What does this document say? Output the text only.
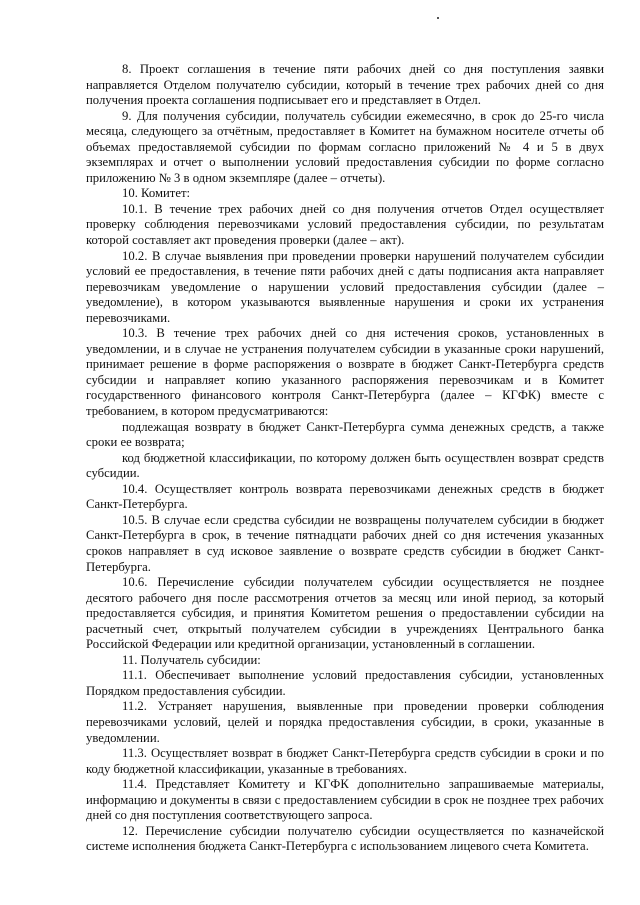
8. Проект соглашения в течение пяти рабочих дней со дня поступления заявки направляется Отделом получателю субсидии, который в течение трех рабочих дней со дня получения проекта соглашения подписывает его и представляет в Отдел.

9. Для получения субсидии, получатель субсидии ежемесячно, в срок до 25-го числа месяца, следующего за отчётным, предоставляет в Комитет на бумажном носителе отчеты об объемах предоставляемой субсидии по формам согласно приложений № 4 и 5 в двух экземплярах и отчет о выполнении условий предоставления субсидии по форме согласно приложению № 3 в одном экземпляре (далее – отчеты).

10. Комитет:

10.1. В течение трех рабочих дней со дня получения отчетов Отдел осуществляет проверку соблюдения перевозчиками условий предоставления субсидии, по результатам которой составляет акт проведения проверки (далее – акт).

10.2. В случае выявления при проведении проверки нарушений получателем субсидии условий ее предоставления, в течение пяти рабочих дней с даты подписания акта направляет перевозчикам уведомление о нарушении условий предоставления субсидии (далее – уведомление), в котором указываются выявленные нарушения и сроки их устранения перевозчиками.

10.3. В течение трех рабочих дней со дня истечения сроков, установленных в уведомлении, и в случае не устранения получателем субсидии в указанные сроки нарушений, принимает решение в форме распоряжения о возврате в бюджет Санкт-Петербурга средств субсидии и направляет копию указанного распоряжения перевозчикам и в Комитет государственного финансового контроля Санкт-Петербурга (далее – КГФК) вместе с требованием, в котором предусматриваются:

подлежащая возврату в бюджет Санкт-Петербурга сумма денежных средств, а также сроки ее возврата;

код бюджетной классификации, по которому должен быть осуществлен возврат средств субсидии.

10.4. Осуществляет контроль возврата перевозчиками денежных средств в бюджет Санкт-Петербурга.

10.5. В случае если средства субсидии не возвращены получателем субсидии в бюджет Санкт-Петербурга в срок, в течение пятнадцати рабочих дней со дня истечения указанных сроков направляет в суд исковое заявление о возврате средств субсидии в бюджет Санкт-Петербурга.

10.6. Перечисление субсидии получателем субсидии осуществляется не позднее десятого рабочего дня после рассмотрения отчетов за месяц или иной период, за который предоставляется субсидия, и принятия Комитетом решения о предоставлении субсидии на расчетный счет, открытый получателем субсидии в учреждениях Центрального банка Российской Федерации или кредитной организации, установленный в соглашении.

11. Получатель субсидии:

11.1. Обеспечивает выполнение условий предоставления субсидии, установленных Порядком предоставления субсидии.

11.2. Устраняет нарушения, выявленные при проведении проверки соблюдения перевозчиками условий, целей и порядка предоставления субсидии, в сроки, указанные в уведомлении.

11.3. Осуществляет возврат в бюджет Санкт-Петербурга средств субсидии в сроки и по коду бюджетной классификации, указанные в требованиях.

11.4. Представляет Комитету и КГФК дополнительно запрашиваемые материалы, информацию и документы в связи с предоставлением субсидии в срок не позднее трех рабочих дней со дня поступления соответствующего запроса.

12. Перечисление субсидии получателю субсидии осуществляется по казначейской системе исполнения бюджета Санкт-Петербурга с использованием лицевого счета Комитета.
